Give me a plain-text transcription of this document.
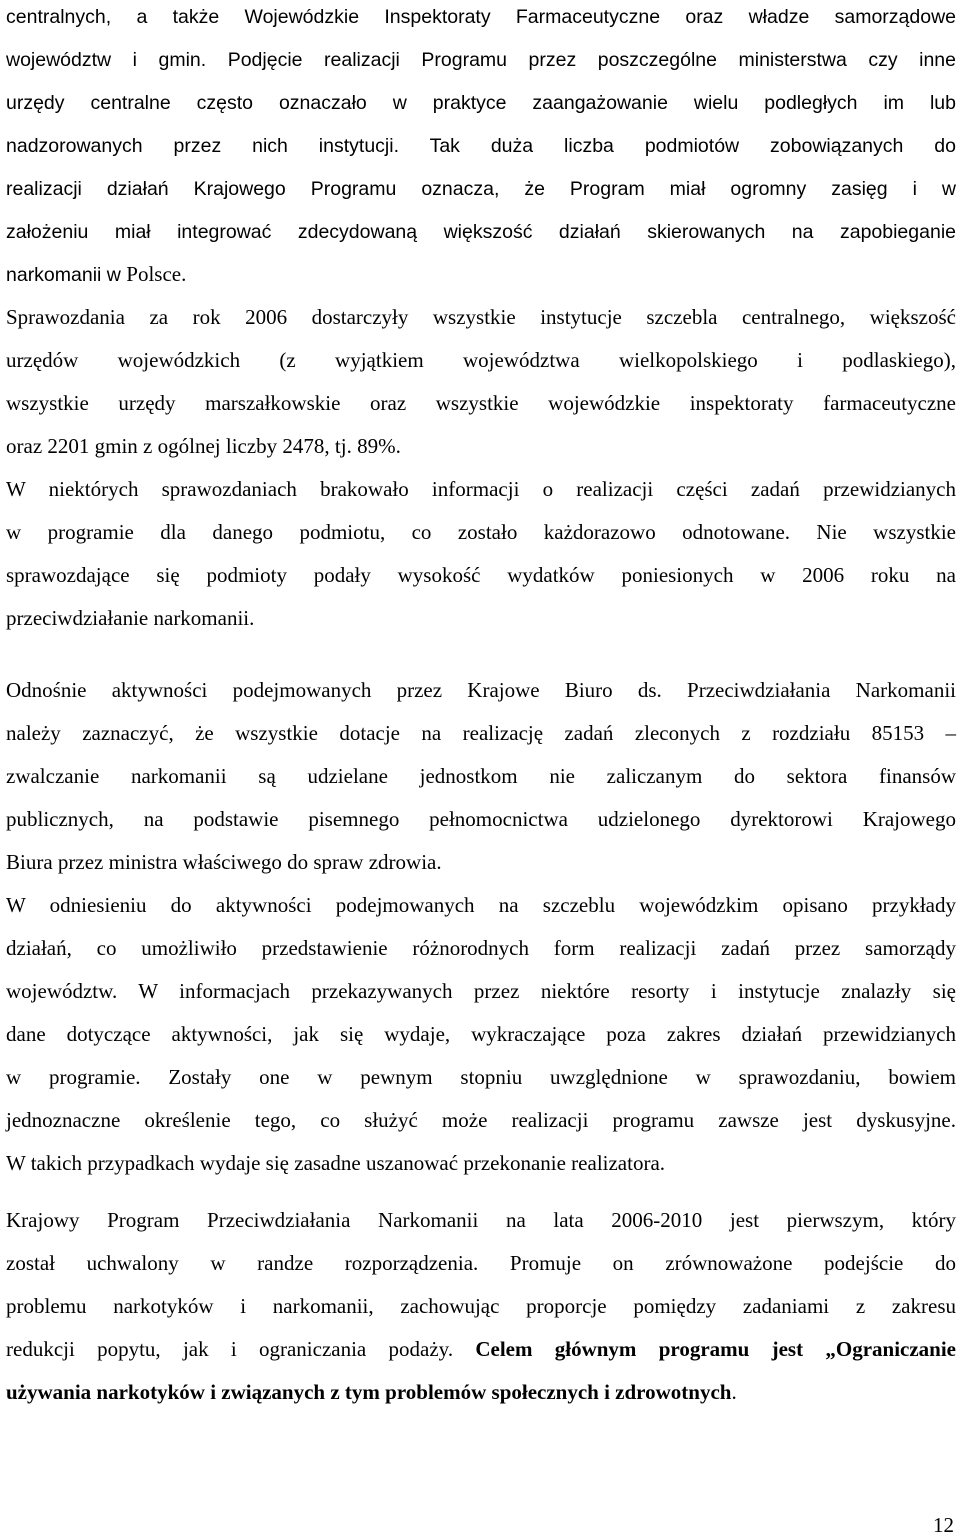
centralnych, a także Wojewódzkie Inspektoraty Farmaceutyczne oraz władze samorządowe
województw i gmin. Podjęcie realizacji Programu przez poszczególne ministerstwa czy inne
urzędy centralne często oznaczało w praktyce zaangażowanie wielu podległych im lub
nadzorowanych przez nich instytucji. Tak duża liczba podmiotów zobowiązanych do
realizacji działań Krajowego Programu oznacza, że Program miał ogromny zasięg i w
założeniu miał integrować zdecydowaną większość działań skierowanych na zapobieganie
narkomanii w Polsce.
Sprawozdania za rok 2006 dostarczyły wszystkie instytucje szczebla centralnego, większość
urzędów wojewódzkich (z wyjątkiem województwa wielkopolskiego i podlaskiego),
wszystkie urzędy marszałkowskie oraz wszystkie wojewódzkie inspektoraty farmaceutyczne
oraz 2201 gmin z ogólnej liczby 2478, tj. 89%.
W niektórych sprawozdaniach brakowało informacji o realizacji części zadań przewidzianych
w programie dla danego podmiotu, co zostało każdorazowo odnotowane. Nie wszystkie
sprawozdające się podmioty podały wysokość wydatków poniesionych w 2006 roku na
przeciwdziałanie narkomanii.
Odnośnie aktywności podejmowanych przez Krajowe Biuro ds. Przeciwdziałania Narkomanii
należy zaznaczyć, że wszystkie dotacje na realizację zadań zleconych z rozdziału 85153 –
zwalczanie narkomanii są udzielane jednostkom nie zaliczanym do sektora finansów
publicznych, na podstawie pisemnego pełnomocnictwa udzielonego dyrektorowi Krajowego
Biura przez ministra właściwego do spraw zdrowia.
W odniesieniu do aktywności podejmowanych na szczeblu wojewódzkim opisano przykłady
działań, co umożliwiło przedstawienie różnorodnych form realizacji zadań przez samorządy
województw. W informacjach przekazywanych przez niektóre resorty i instytucje znalazły się
dane dotyczące aktywności, jak się wydaje, wykraczające poza zakres działań przewidzianych
w programie. Zostały one w pewnym stopniu uwzględnione w sprawozdaniu, bowiem
jednoznaczne określenie tego, co służyć może realizacji programu zawsze jest dyskusyjne.
W takich przypadkach wydaje się zasadne uszanować przekonanie realizatora.
Krajowy Program Przeciwdziałania Narkomanii na lata 2006-2010 jest pierwszym, który
został uchwalony w randze rozporządzenia. Promuje on zrównoważone podejście do
problemu narkotyków i narkomanii, zachowując proporcje pomiędzy zadaniami z zakresu
redukcji popytu, jak i ograniczania podaży. Celem głównym programu jest „Ograniczanie
używania narkotyków i związanych z tym problemów społecznych i zdrowotnych.
12
